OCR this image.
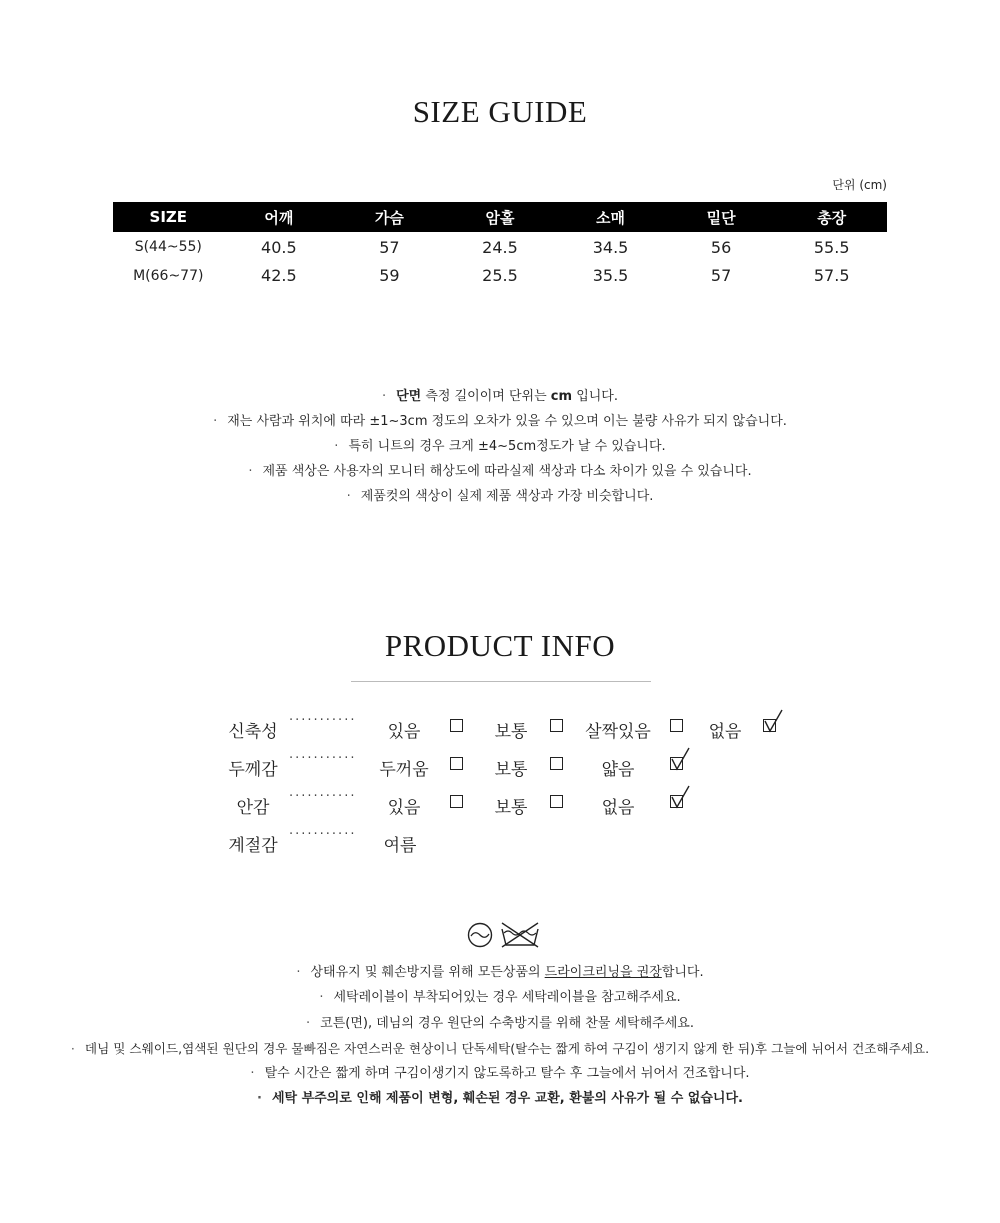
SIZE GUIDE
단위 (cm)
SIZE	어깨	가슴	암홀	소매	밑단	총장
S(44~55)	40.5	57	24.5	34.5	56	55.5
M(66~77)	42.5	59	25.5	35.5	57	57.5
· 단면 측정 길이이며 단위는 cm 입니다.
· 재는 사람과 위치에 따라 ±1~3cm 정도의 오차가 있을 수 있으며 이는 불량 사유가 되지 않습니다.
· 특히 니트의 경우 크게 ±4~5cm정도가 날 수 있습니다.
· 제품 색상은 사용자의 모니터 해상도에 따라실제 색상과 다소 차이가 있을 수 있습니다.
· 제품컷의 색상이 실제 제품 색상과 가장 비슷합니다.
PRODUCT INFO
신축성
···········
있음	보통	살짝있음	없음
두께감
···········
두꺼움	보통	얇음
안감
···········
있음	보통	없음
계절감
···········
여름
· 상태유지 및 훼손방지를 위해 모든상품의 드라이크리닝을 권장합니다.
· 세탁레이블이 부착되어있는 경우 세탁레이블을 참고해주세요.
· 코튼(면), 데님의 경우 원단의 수축방지를 위해 찬물 세탁해주세요.
· 데님 및 스웨이드,염색된 원단의 경우 물빠짐은 자연스러운 현상이니 단독세탁(탈수는 짧게 하여 구김이 생기지 않게 한 뒤)후 그늘에 뉘어서 건조해주세요.
· 탈수 시간은 짧게 하며 구김이생기지 않도록하고 탈수 후 그늘에서 뉘어서 건조합니다.
· 세탁 부주의로 인해 제품이 변형, 훼손된 경우 교환, 환불의 사유가 될 수 없습니다.
